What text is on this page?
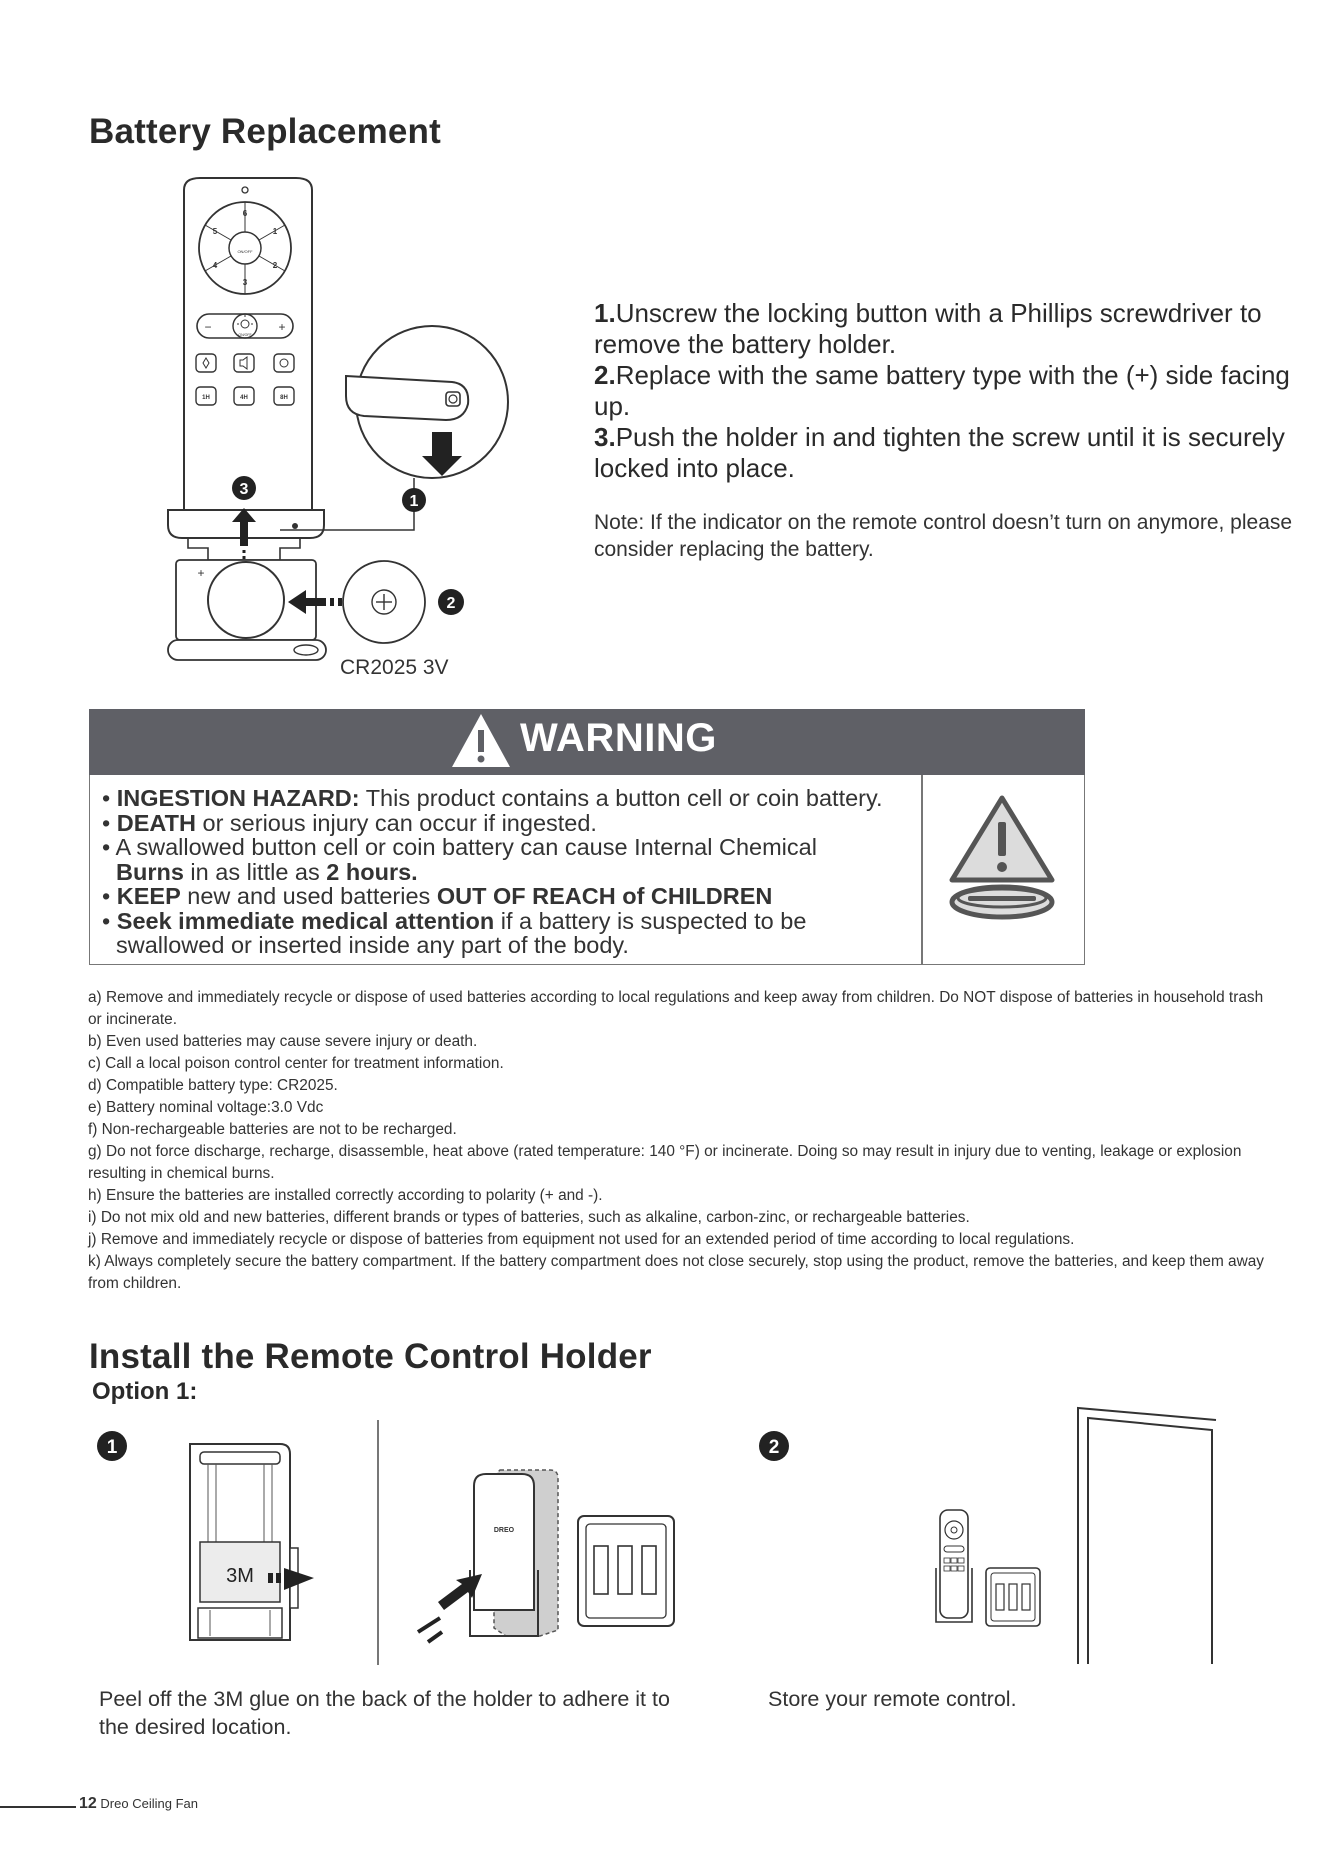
Battery Replacement
6
1
2
3
4
5
ON/OFF
−	+
ON/OFF
1H	4H	8H
3
+
2
1
CR2025 3V
1.Unscrew the locking button with a Phillips screwdriver to remove the battery holder.
2.Replace with the same battery type with the (+) side facing up.
3.Push the holder in and tighten the screw until it is securely locked into place.
Note: If the indicator on the remote control doesn’t turn on anymore, please consider replacing the battery.
WARNING
• INGESTION HAZARD: This product contains a button cell or coin battery.
• DEATH or serious injury can occur if ingested.
• A swallowed button cell or coin battery can cause Internal Chemical
Burns in as little as 2 hours.
• KEEP new and used batteries OUT OF REACH of CHILDREN
• Seek immediate medical attention if a battery is suspected to be
swallowed or inserted inside any part of the body.
a) Remove and immediately recycle or dispose of used batteries according to local regulations and keep away from children. Do NOT dispose of batteries in household trash or incinerate.
b) Even used batteries may cause severe injury or death.
c) Call a local poison control center for treatment information.
d) Compatible battery type: CR2025.
e) Battery nominal voltage:3.0 Vdc
f) Non-rechargeable batteries are not to be recharged.
g) Do not force discharge, recharge, disassemble, heat above (rated temperature: 140 °F) or incinerate. Doing so may result in injury due to venting, leakage or explosion resulting in chemical burns.
h) Ensure the batteries are installed correctly according to polarity (+ and -).
i) Do not mix old and new batteries, different brands or types of batteries, such as alkaline, carbon-zinc, or rechargeable batteries.
j) Remove and immediately recycle or dispose of batteries from equipment not used for an extended period of time according to local regulations.
k) Always completely secure the battery compartment. If the battery compartment does not close securely, stop using the product, remove the batteries, and keep them away from children.
Install the Remote Control Holder
Option 1:
1	2
3M
DREO
Peel off the 3M glue on the back of the holder to adhere it to the desired location.
Store your remote control.
12 Dreo Ceiling Fan
